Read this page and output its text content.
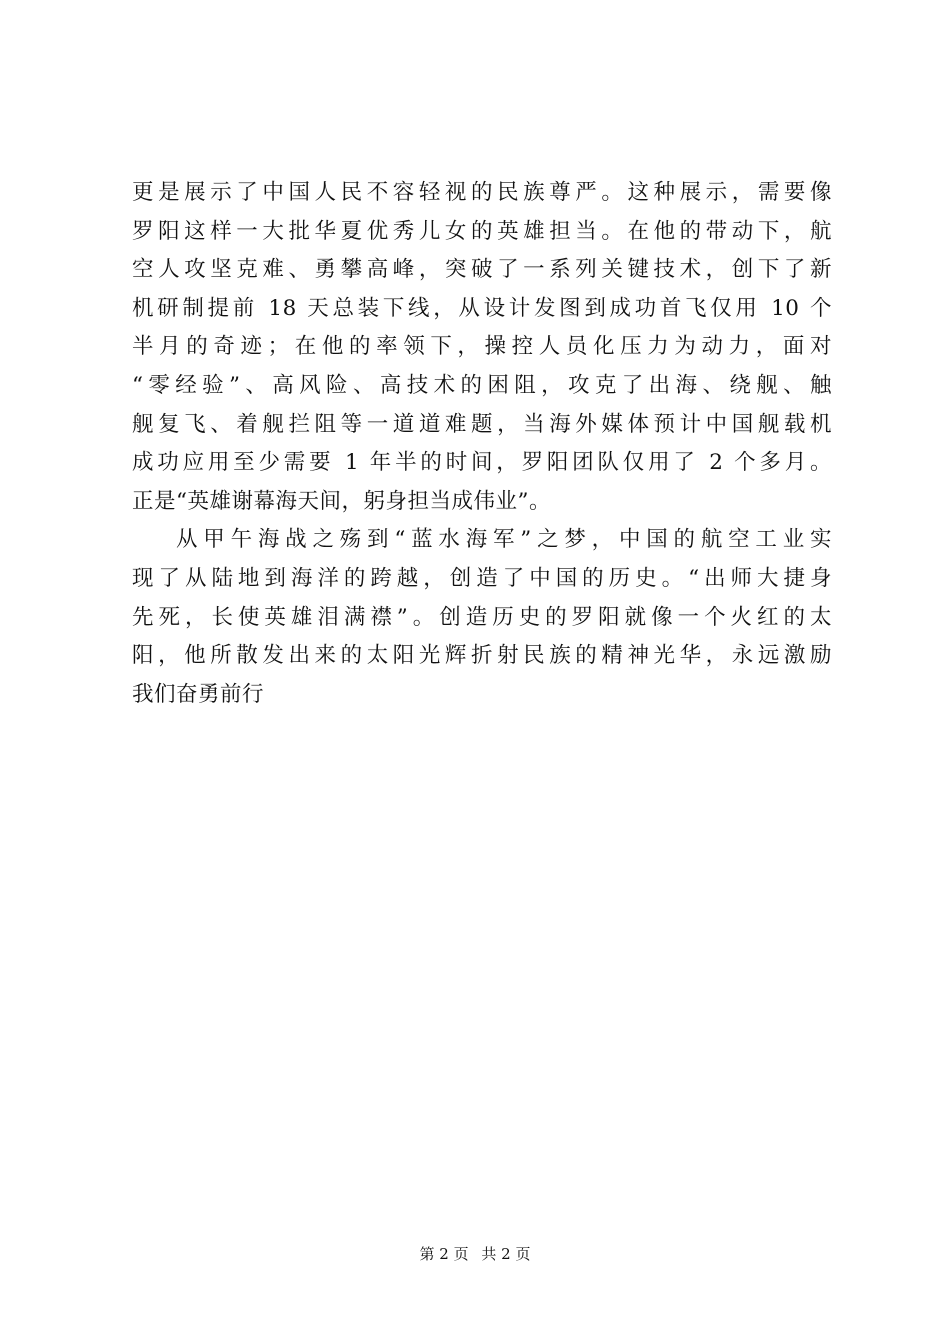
更是展示了中国人民不容轻视的民族尊严。这种展示，需要像
罗阳这样一大批华夏优秀儿女的英雄担当。在他的带动下，航
空人攻坚克难、勇攀高峰，突破了一系列关键技术，创下了新
机研制提前 18 天总装下线，从设计发图到成功首飞仅用 10 个
半月的奇迹；在他的率领下，操控人员化压力为动力，面对
“零经验”、高风险、高技术的困阻，攻克了出海、绕舰、触
舰复飞、着舰拦阻等一道道难题，当海外媒体预计中国舰载机
成功应用至少需要 1 年半的时间，罗阳团队仅用了 2 个多月。
正是“英雄谢幕海天间，躬身担当成伟业”。
从甲午海战之殇到“蓝水海军”之梦，中国的航空工业实
现了从陆地到海洋的跨越，创造了中国的历史。“出师大捷身
先死，长使英雄泪满襟”。创造历史的罗阳就像一个火红的太
阳，他所散发出来的太阳光辉折射民族的精神光华，永远激励
我们奋勇前行
第 2 页 共 2 页
